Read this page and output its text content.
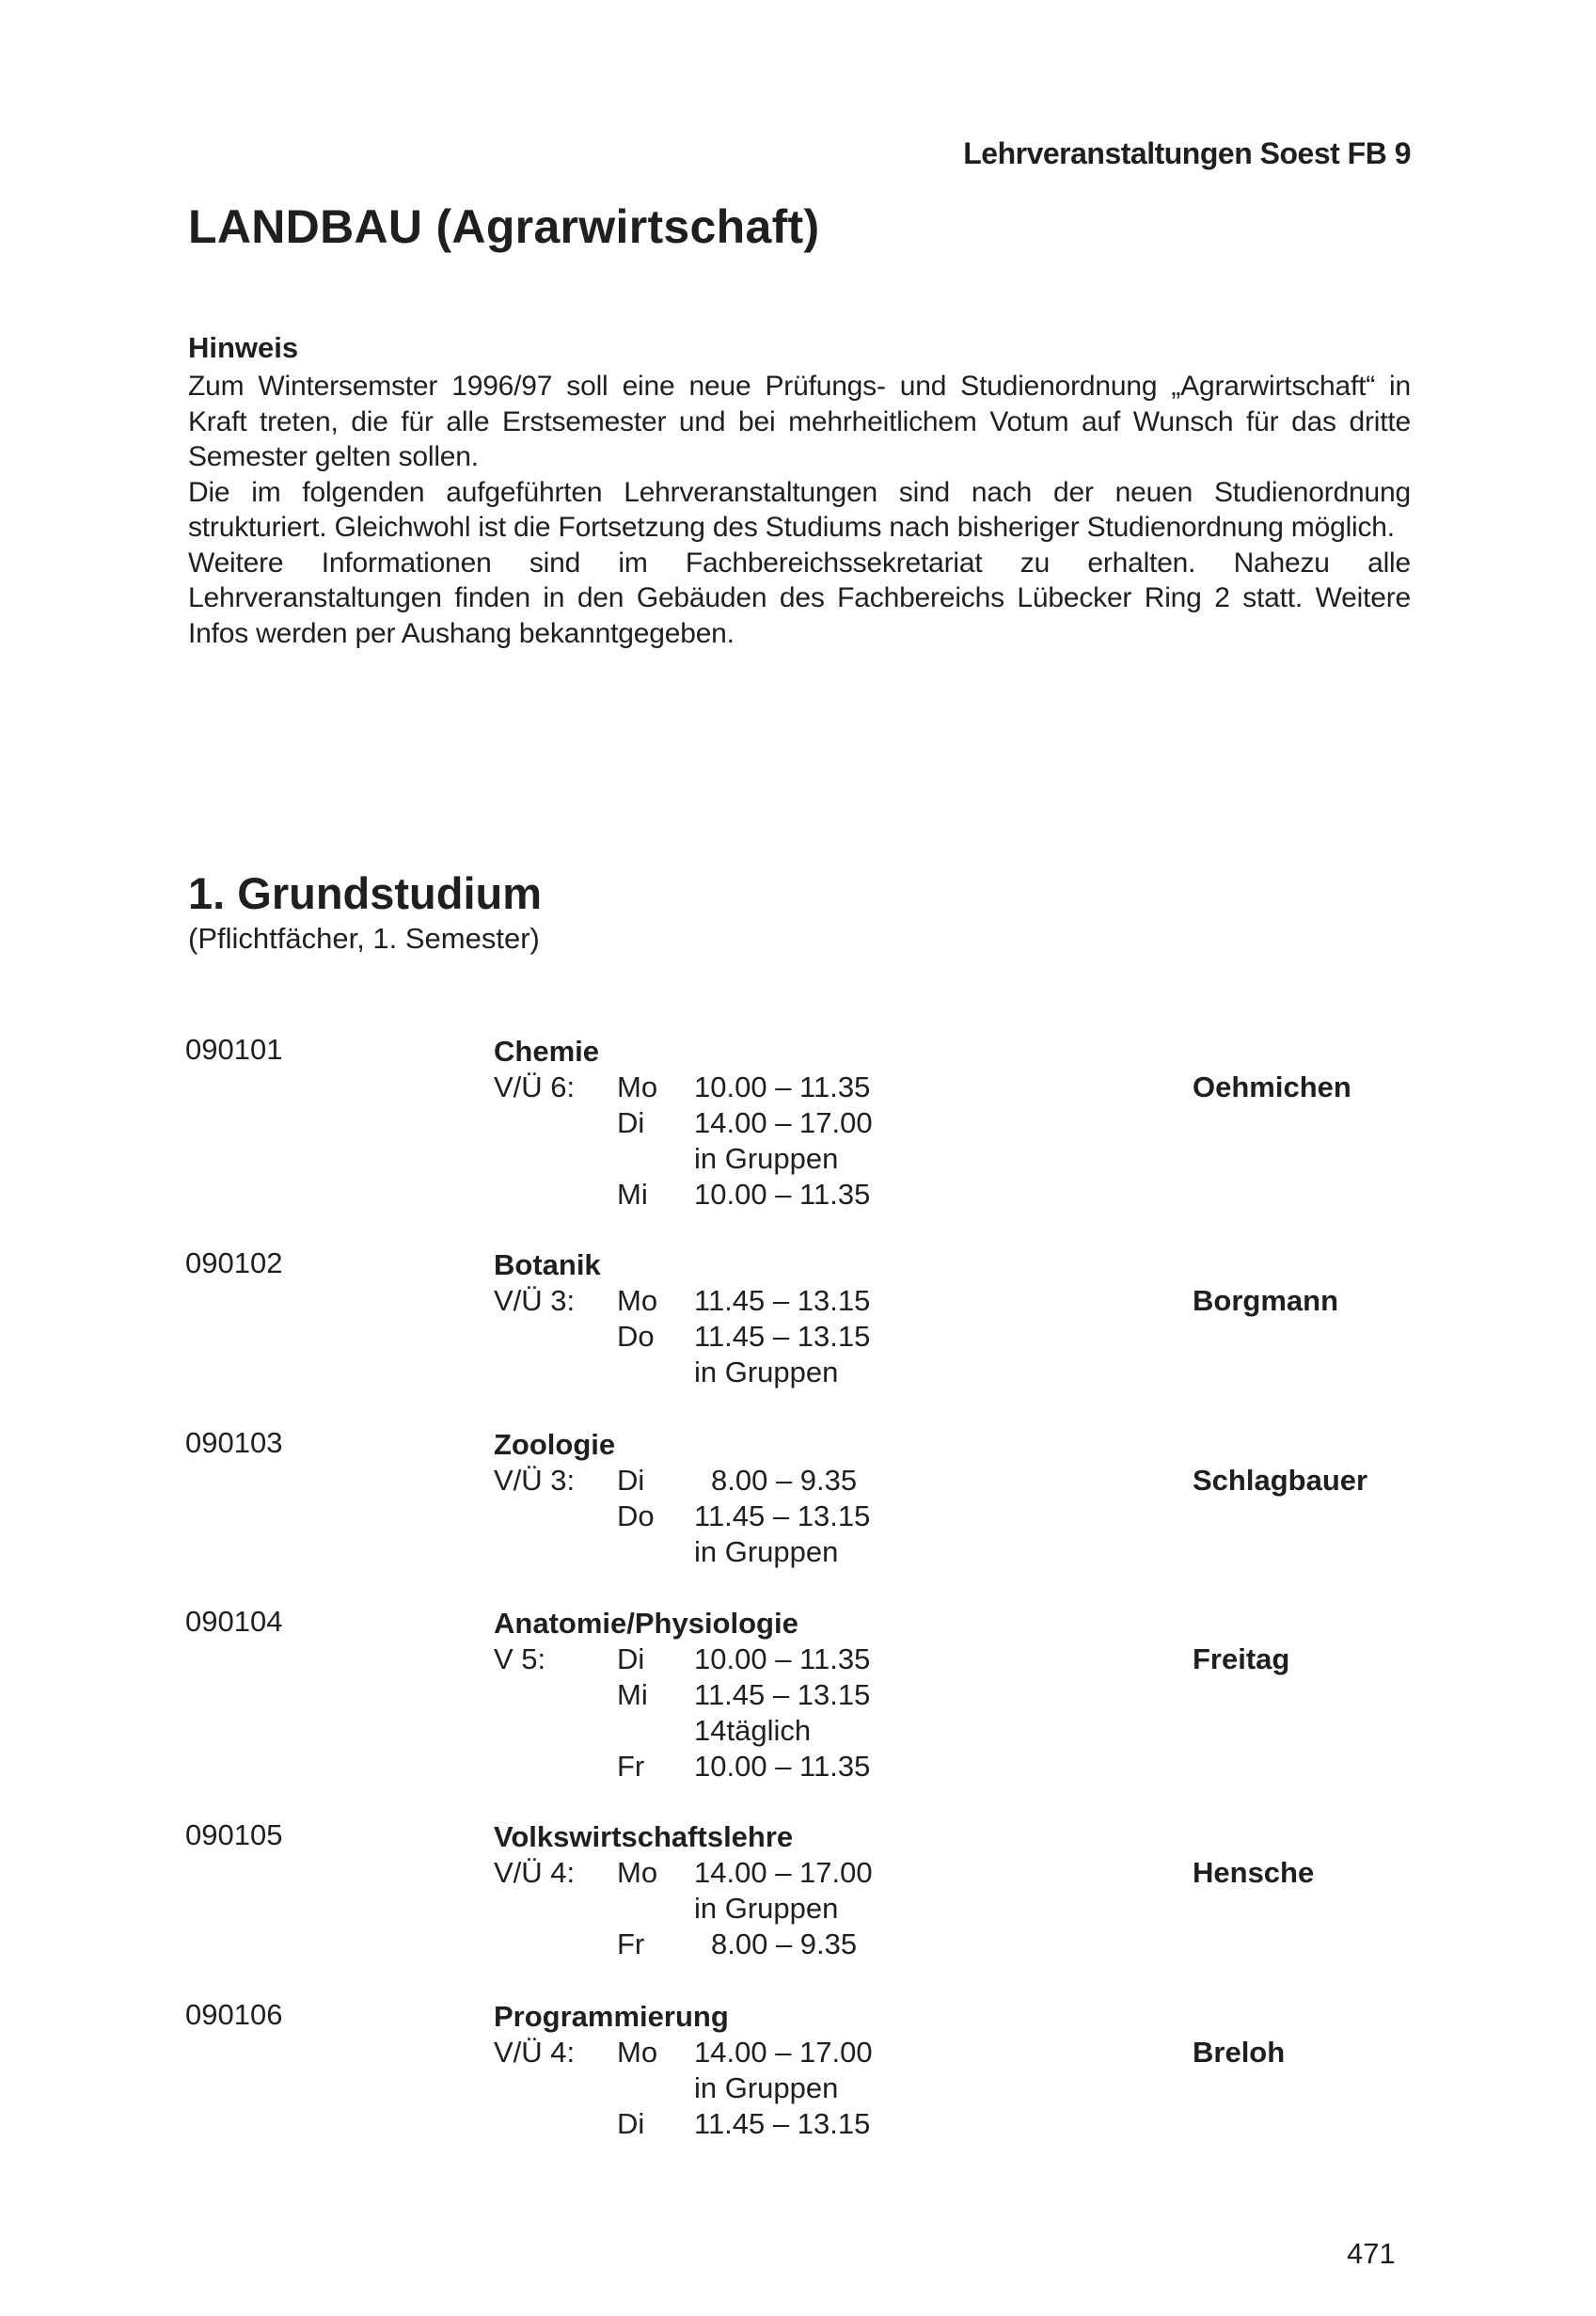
Lehrveranstaltungen Soest FB 9
LANDBAU (Agrarwirtschaft)
Hinweis

Zum Wintersemster 1996/97 soll eine neue Prüfungs- und Studienordnung „Agrarwirtschaft“ in Kraft treten, die für alle Erstsemester und bei mehrheitlichem Votum auf Wunsch für das dritte Semester gelten sollen.

Die im folgenden aufgeführten Lehrveranstaltungen sind nach der neuen Studienordnung strukturiert. Gleichwohl ist die Fortsetzung des Studiums nach bisheriger Studienordnung möglich.

Weitere Informationen sind im Fachbereichssekretariat zu erhalten. Nahezu alle Lehrveranstaltungen finden in den Gebäuden des Fachbereichs Lübecker Ring 2 statt. Weitere Infos werden per Aushang bekanntgegeben.

1. Grundstudium
(Pflichtfächer, 1. Semester)
090101	Chemie
V/Ü 6:	Oehmichen
Mo 10.00 – 11.35
Di 14.00 – 17.00
in Gruppen
Mi 10.00 – 11.35
090102	Botanik
V/Ü 3:	Borgmann
Mo 11.45 – 13.15
Do 11.45 – 13.15
in Gruppen
090103	Zoologie
V/Ü 3:	Schlagbauer
Di 8.00 – 9.35
Do 11.45 – 13.15
in Gruppen
090104	Anatomie/Physiologie
V 5:	Freitag
Di 10.00 – 11.35
Mi 11.45 – 13.15
14täglich
Fr 10.00 – 11.35
090105	Volkswirtschaftslehre
V/Ü 4:	Hensche
Mo 14.00 – 17.00
in Gruppen
Fr 8.00 – 9.35
090106	Programmierung
V/Ü 4:	Breloh
Mo 14.00 – 17.00
in Gruppen
Di 11.45 – 13.15
471
